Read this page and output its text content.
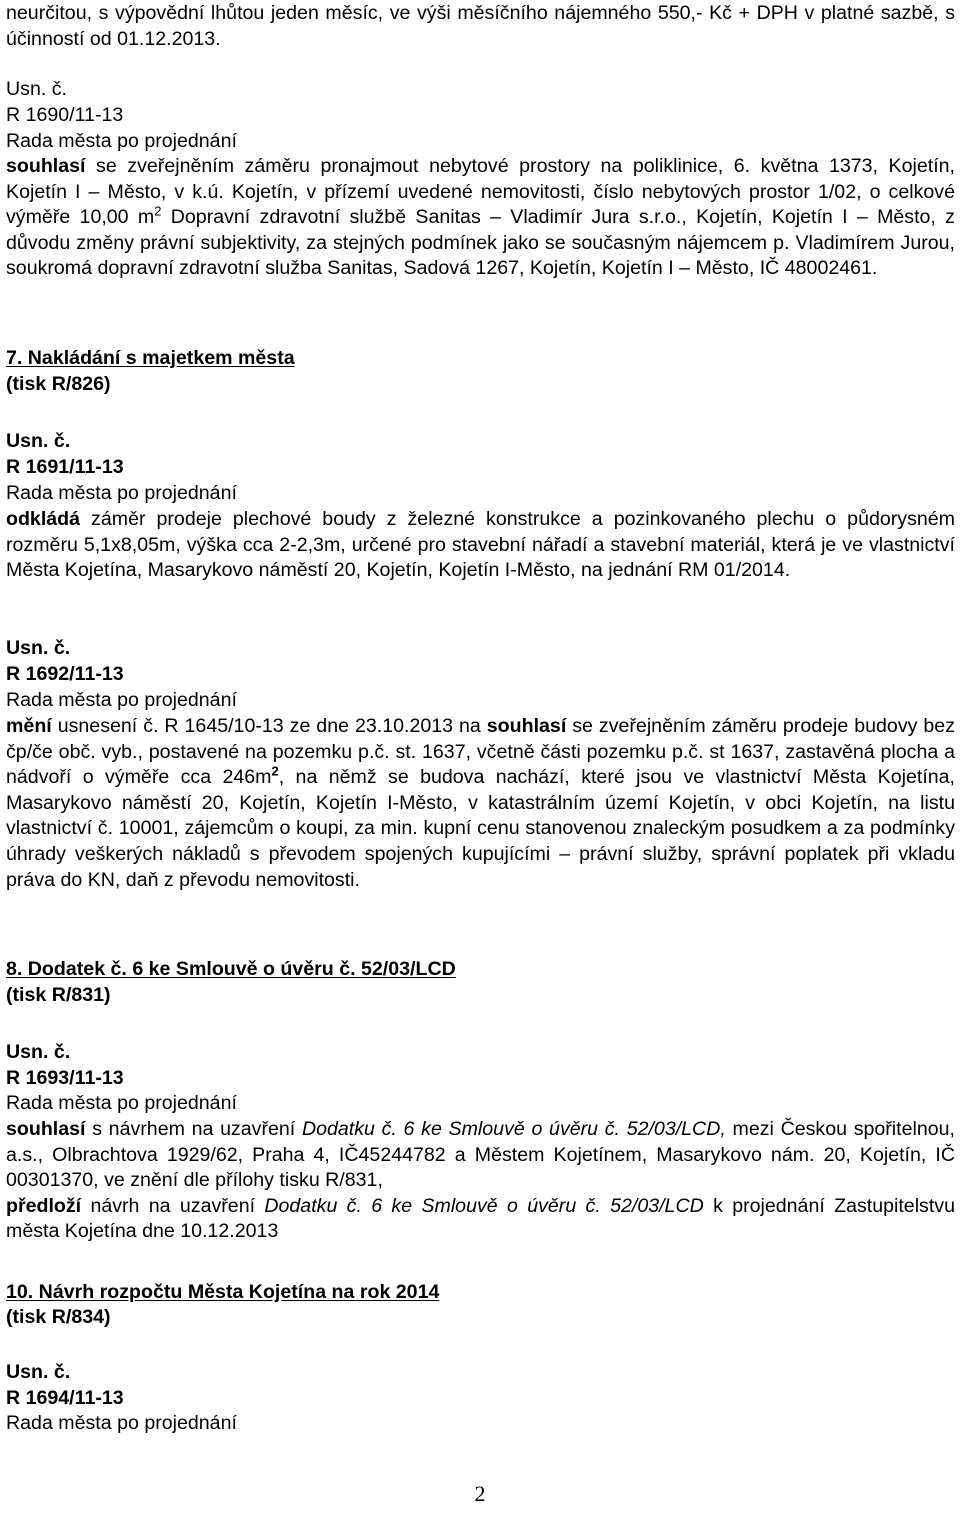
neurčitou, s výpovědní lhůtou jeden měsíc, ve výši měsíčního nájemného 550,- Kč + DPH v platné sazbě, s účinností od 01.12.2013.

Usn. č.
R 1690/11-13
Rada města po projednání

souhlasí se zveřejněním záměru pronajmout nebytové prostory na poliklinice, 6. května 1373, Kojetín, Kojetín I – Město, v k.ú. Kojetín, v přízemí uvedené nemovitosti, číslo nebytových prostor 1/02, o celkové výměře 10,00 $m^2$ Dopravní zdravotní službě Sanitas – Vladimír Jura s.r.o., Kojetín, Kojetín I – Město, z důvodu změny právní subjektivity, za stejných podmínek jako se současným nájemcem p. Vladimírem Jurou, soukromá dopravní zdravotní služba Sanitas, Sadová 1267, Kojetín, Kojetín I – Město, IČ 48002461.

7. Nakládání s majetkem města
(tisk R/826)
Usn. č.
R 1691/11-13
Rada města po projednání

odkládá záměr prodeje plechové boudy z železné konstrukce a pozinkovaného plechu o půdorysném rozměru 5,1x8,05m, výška cca 2-2,3m, určené pro stavební nářadí a stavební materiál, která je ve vlastnictví Města Kojetína, Masarykovo náměstí 20, Kojetín, Kojetín I-Město, na jednání RM 01/2014.

Usn. č.
R 1692/11-13
Rada města po projednání

mění usnesení č. R 1645/10-13 ze dne 23.10.2013 na souhlasí se zveřejněním záměru prodeje budovy bez čp/če obč. vyb., postavené na pozemku p.č. st. 1637, včetně části pozemku p.č. st 1637, zastavěná plocha a nádvoří o výměře cca $246m^2$, na němž se budova nachází, které jsou ve vlastnictví Města Kojetína, Masarykovo náměstí 20, Kojetín, Kojetín I-Město, v katastrálním území Kojetín, v obci Kojetín, na listu vlastnictví č. 10001, zájemcům o koupi, za min. kupní cenu stanovenou znaleckým posudkem a za podmínky úhrady veškerých nákladů s převodem spojených kupujícími – právní služby, správní poplatek při vkladu práva do KN, daň z převodu nemovitosti.

8. Dodatek č. 6 ke Smlouvě o úvěru č. 52/03/LCD
(tisk R/831)
Usn. č.
R 1693/11-13
Rada města po projednání

souhlasí s návrhem na uzavření Dodatku č. 6 ke Smlouvě o úvěru č. 52/03/LCD, mezi Českou spořitelnou, a.s., Olbrachtova 1929/62, Praha 4, IČ45244782 a Městem Kojetínem, Masarykovo nám. 20, Kojetín, IČ 00301370, ve znění dle přílohy tisku R/831,
předloží návrh na uzavření Dodatku č. 6 ke Smlouvě o úvěru č. 52/03/LCD k projednání Zastupitelstvu města Kojetína dne 10.12.2013

10. Návrh rozpočtu Města Kojetína na rok 2014
(tisk R/834)
Usn. č.
R 1694/11-13
Rada města po projednání
2
